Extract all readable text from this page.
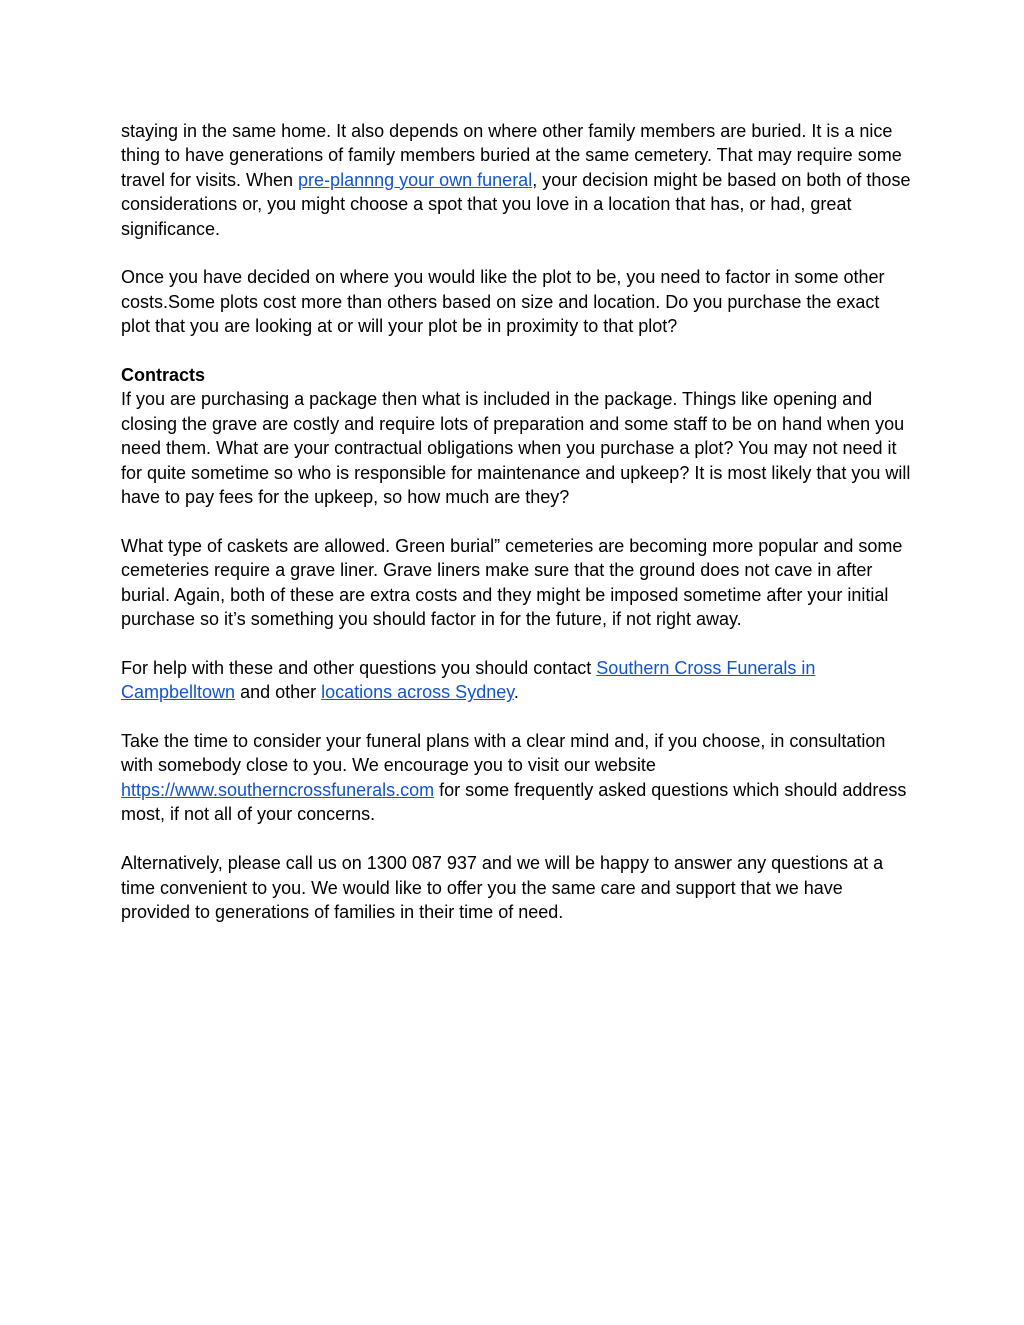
staying in the same home. It also depends on where other family members are buried. It is a nice thing to have generations of family members buried at the same cemetery. That may require some travel for visits. When pre-plannng your own funeral, your decision might be based on both of those considerations or, you might choose a spot that you love in a location that has, or had, great significance.

Once you have decided on where you would like the plot to be, you need to factor in some other costs.Some plots cost more than others based on size and location. Do you purchase the exact plot that you are looking at or will your plot be in proximity to that plot?

Contracts

If you are purchasing a package then what is included in the package. Things like opening and closing the grave are costly and require lots of preparation and some staff to be on hand when you need them. What are your contractual obligations when you purchase a plot? You may not need it for quite sometime so who is responsible for maintenance and upkeep? It is most likely that you will have to pay fees for the upkeep, so how much are they?

What type of caskets are allowed. Green burial” cemeteries are becoming more popular and some cemeteries require a grave liner. Grave liners make sure that the ground does not cave in after burial. Again, both of these are extra costs and they might be imposed sometime after your initial purchase so it’s something you should factor in for the future, if not right away.

For help with these and other questions you should contact Southern Cross Funerals in Campbelltown and other locations across Sydney.

Take the time to consider your funeral plans with a clear mind and, if you choose, in consultation with somebody close to you. We encourage you to visit our website https://www.southerncrossfunerals.com for some frequently asked questions which should address most, if not all of your concerns.

Alternatively, please call us on 1300 087 937 and we will be happy to answer any questions at a time convenient to you. We would like to offer you the same care and support that we have provided to generations of families in their time of need.
